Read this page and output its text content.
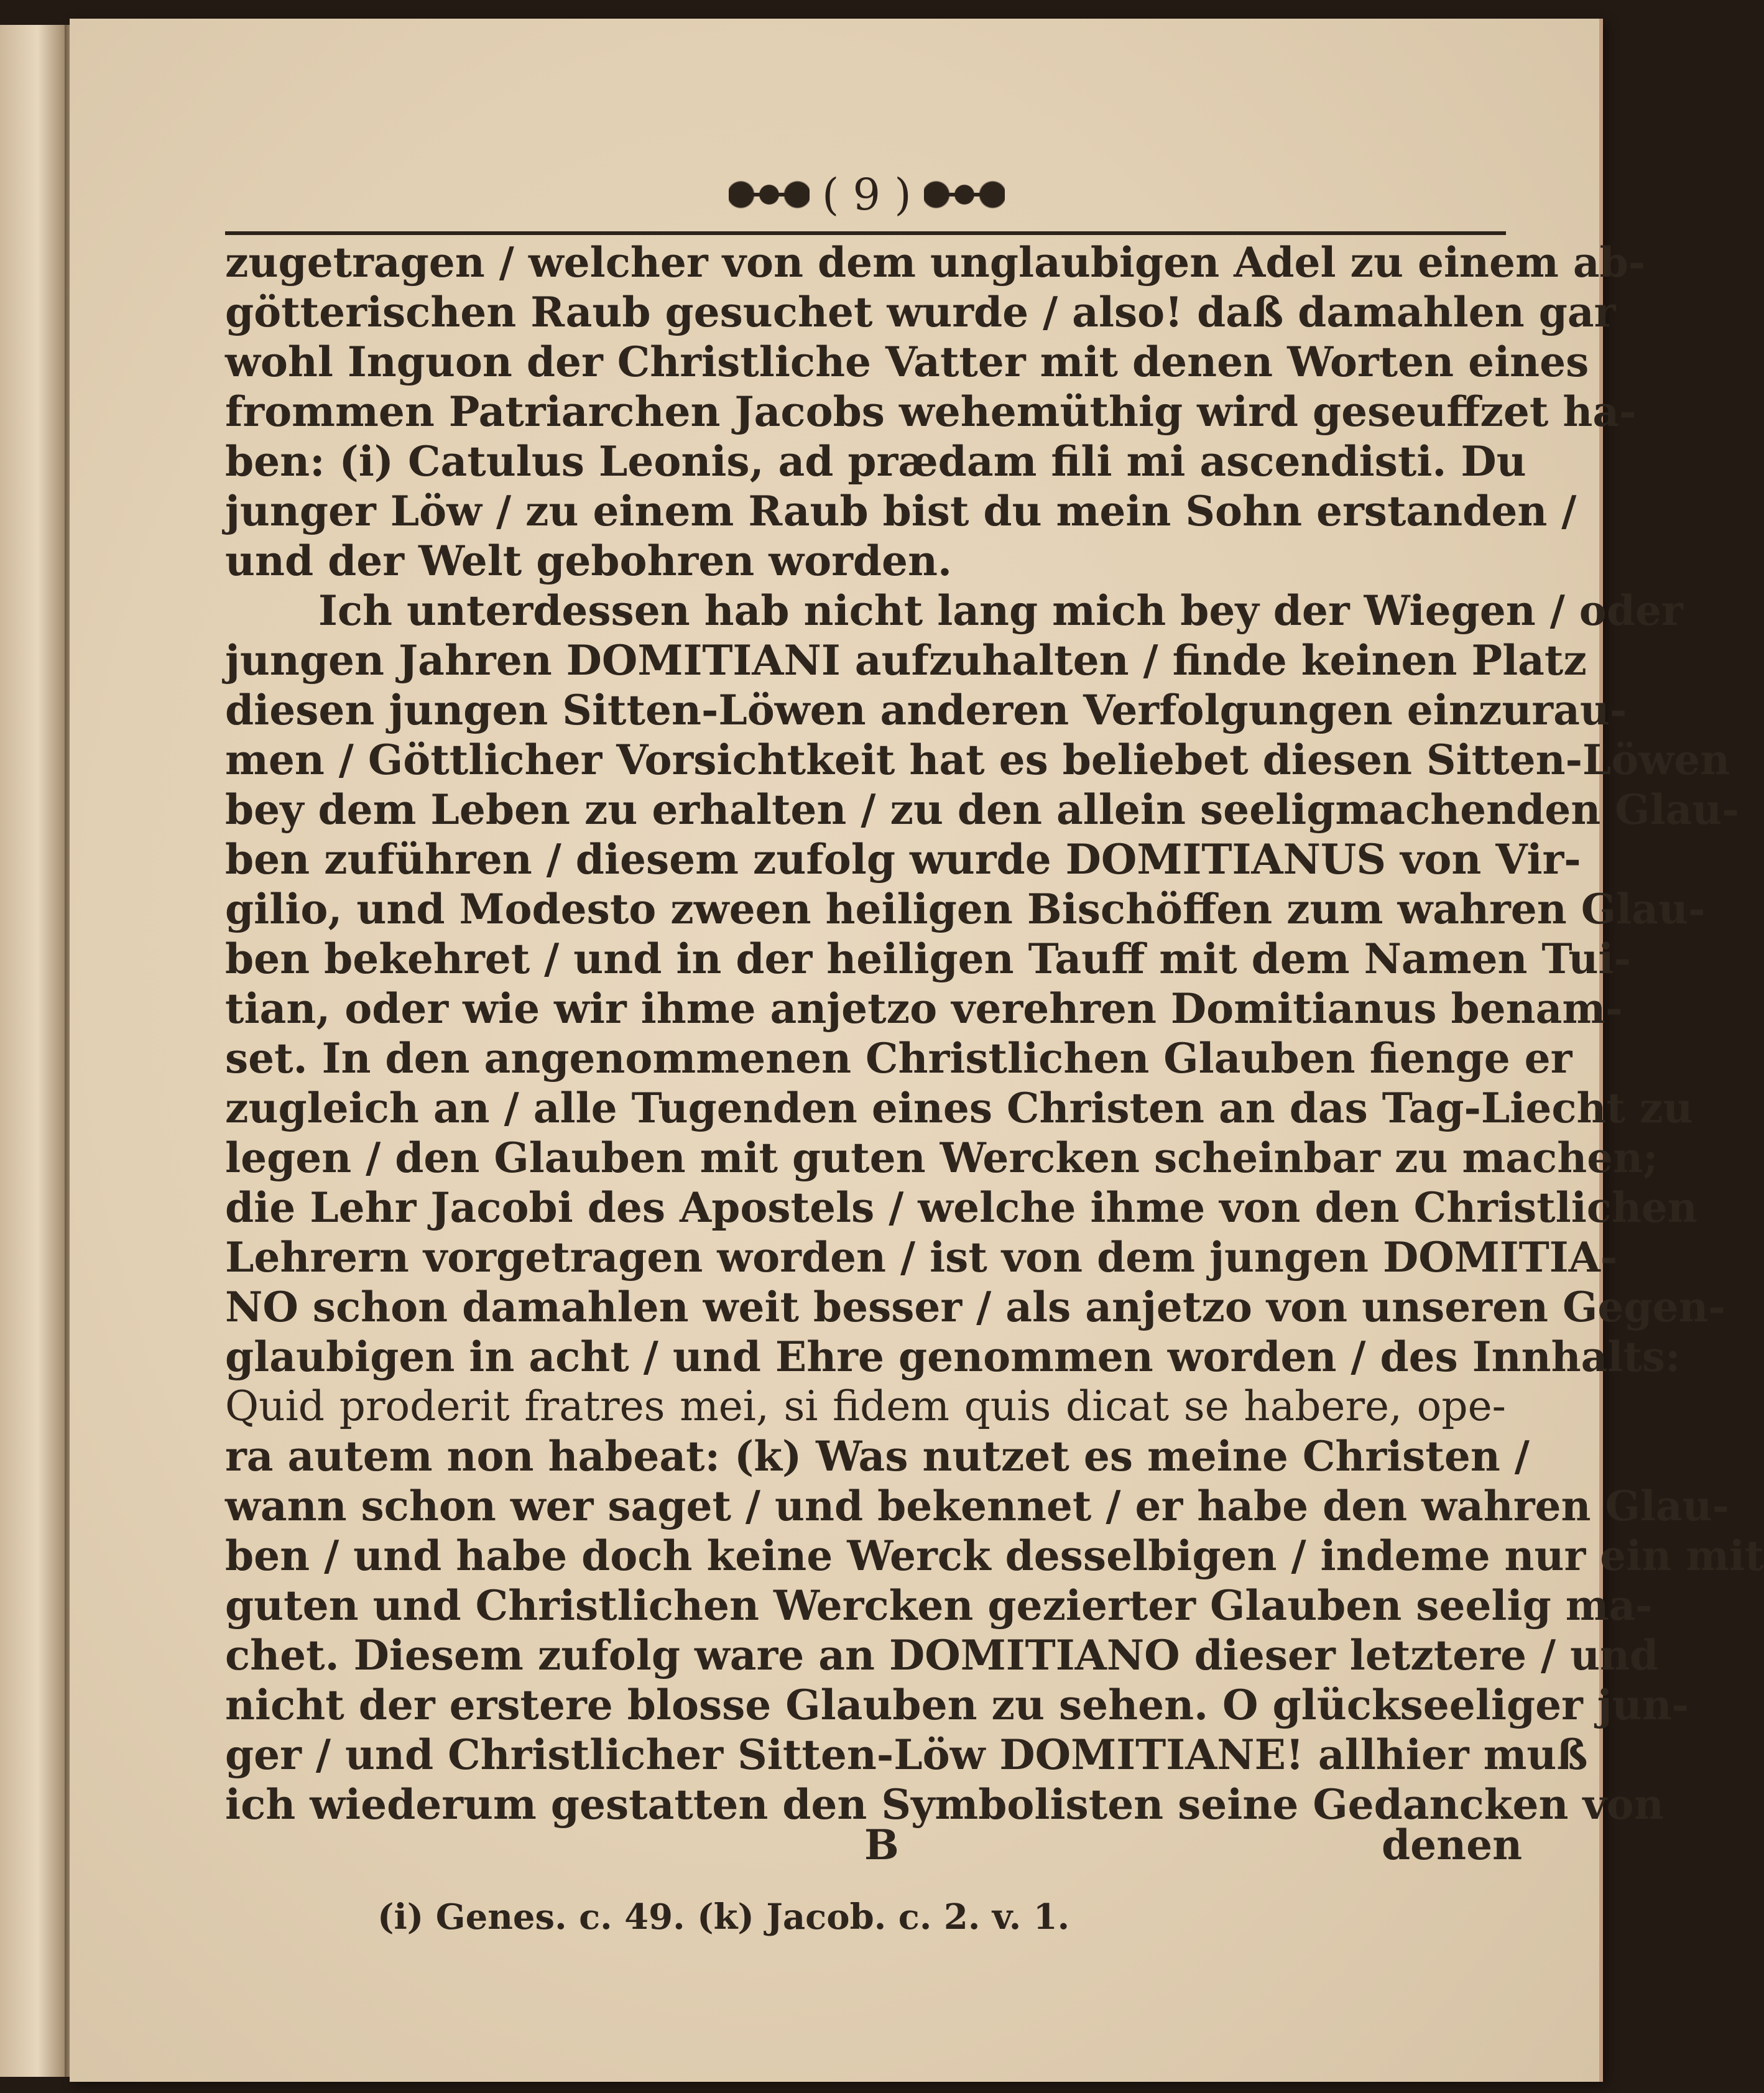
( 9 )
zugetragen / welcher von dem unglaubigen Adel zu einem ab-
götterischen Raub gesuchet wurde / also! daß damahlen gar
wohl Inguon der Christliche Vatter mit denen Worten eines
frommen Patriarchen Jacobs wehemüthig wird geseuffzet ha-
ben: (i) Catulus Leonis, ad prædam fili mi ascendisti. Du
junger Löw / zu einem Raub bist du mein Sohn erstanden /
und der Welt gebohren worden.
Ich unterdessen hab nicht lang mich bey der Wiegen / oder
jungen Jahren DOMITIANI aufzuhalten / finde keinen Platz
diesen jungen Sitten-Löwen anderen Verfolgungen einzurau-
men / Göttlicher Vorsichtkeit hat es beliebet diesen Sitten-Löwen
bey dem Leben zu erhalten / zu den allein seeligmachenden Glau-
ben zuführen / diesem zufolg wurde DOMITIANUS von Vir-
gilio, und Modesto zween heiligen Bischöffen zum wahren Glau-
ben bekehret / und in der heiligen Tauff mit dem Namen Tui-
tian, oder wie wir ihme anjetzo verehren Domitianus benam-
set. In den angenommenen Christlichen Glauben fienge er
zugleich an / alle Tugenden eines Christen an das Tag-Liecht zu
legen / den Glauben mit guten Wercken scheinbar zu machen;
die Lehr Jacobi des Apostels / welche ihme von den Christlichen
Lehrern vorgetragen worden / ist von dem jungen DOMITIA-
NO schon damahlen weit besser / als anjetzo von unseren Gegen-
glaubigen in acht / und Ehre genommen worden / des Innhalts:
Quid proderit fratres mei, si fidem quis dicat se habere, ope-
ra autem non habeat: (k) Was nutzet es meine Christen /
wann schon wer saget / und bekennet / er habe den wahren Glau-
ben / und habe doch keine Werck desselbigen / indeme nur ein mit
guten und Christlichen Wercken gezierter Glauben seelig ma-
chet. Diesem zufolg ware an DOMITIANO dieser letztere / und
nicht der erstere blosse Glauben zu sehen. O glückseeliger jun-
ger / und Christlicher Sitten-Löw DOMITIANE! allhier muß
ich wiederum gestatten den Symbolisten seine Gedancken von
B	denen
(i) Genes. c. 49. (k) Jacob. c. 2. v. 1.
